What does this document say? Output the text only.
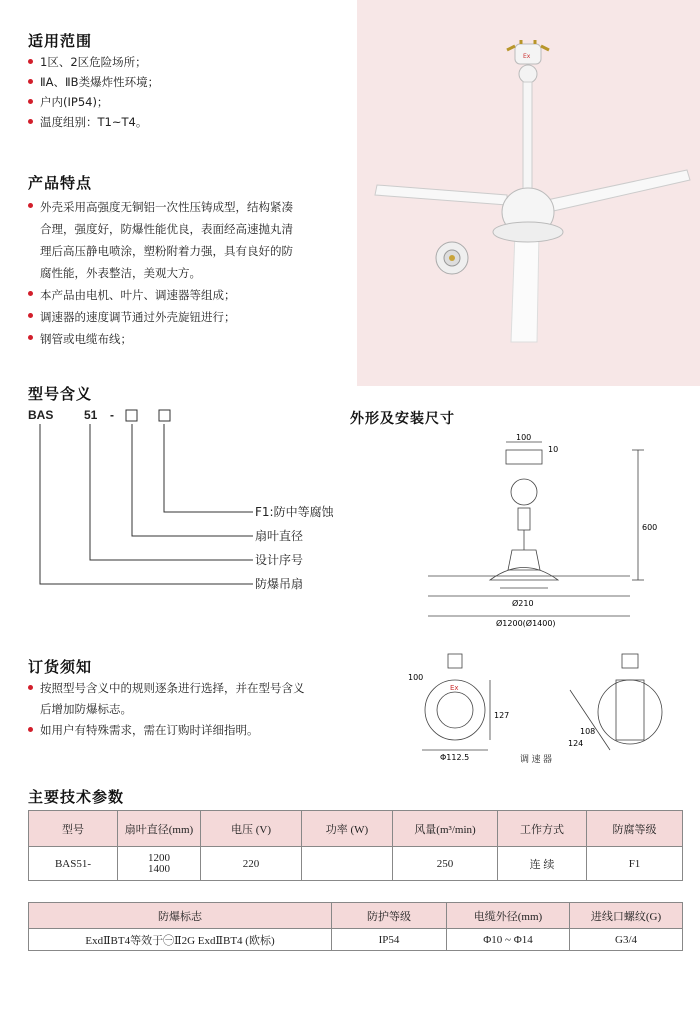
Ex
适用范围
1区、2区危险场所；
ⅡA、ⅡB类爆炸性环境；
户内(IP54)；
温度组别：T1~T4。
产品特点
外壳采用高强度无铜铝一次性压铸成型，结构紧凑合理，强度好，防爆性能优良，表面经高速抛丸清理后高压静电喷涂，塑粉附着力强，具有良好的防腐性能，外表整洁，美观大方。
本产品由电机、叶片、调速器等组成；
调速器的速度调节通过外壳旋钮进行；
钢管或电缆布线；
型号含义
BAS	51 -
F1:防中等腐蚀
扇叶直径
设计序号
防爆吊扇
外形及安装尺寸
100
10
600
Ø210
Ø1200(Ø1400)
Ex
100
127
Φ112.5
108
124
调 速 器
订货须知
按照型号含义中的规则逐条进行选择，并在型号含义后增加防爆标志。
如用户有特殊需求，需在订购时详细指明。
主要技术参数
型号	扇叶直径(mm)	电压 (V)	功率 (W)	风量(m³/min)	工作方式	防腐等级
BAS51-	1200
1400	220		250	连 续	F1
防爆标志	防护等级	电缆外径(mm)	进线口螺纹(G)
ExdⅡBT4等效于㊀Ⅱ2G ExdⅡBT4 (欧标)	IP54	Φ10 ~ Φ14	G3/4
